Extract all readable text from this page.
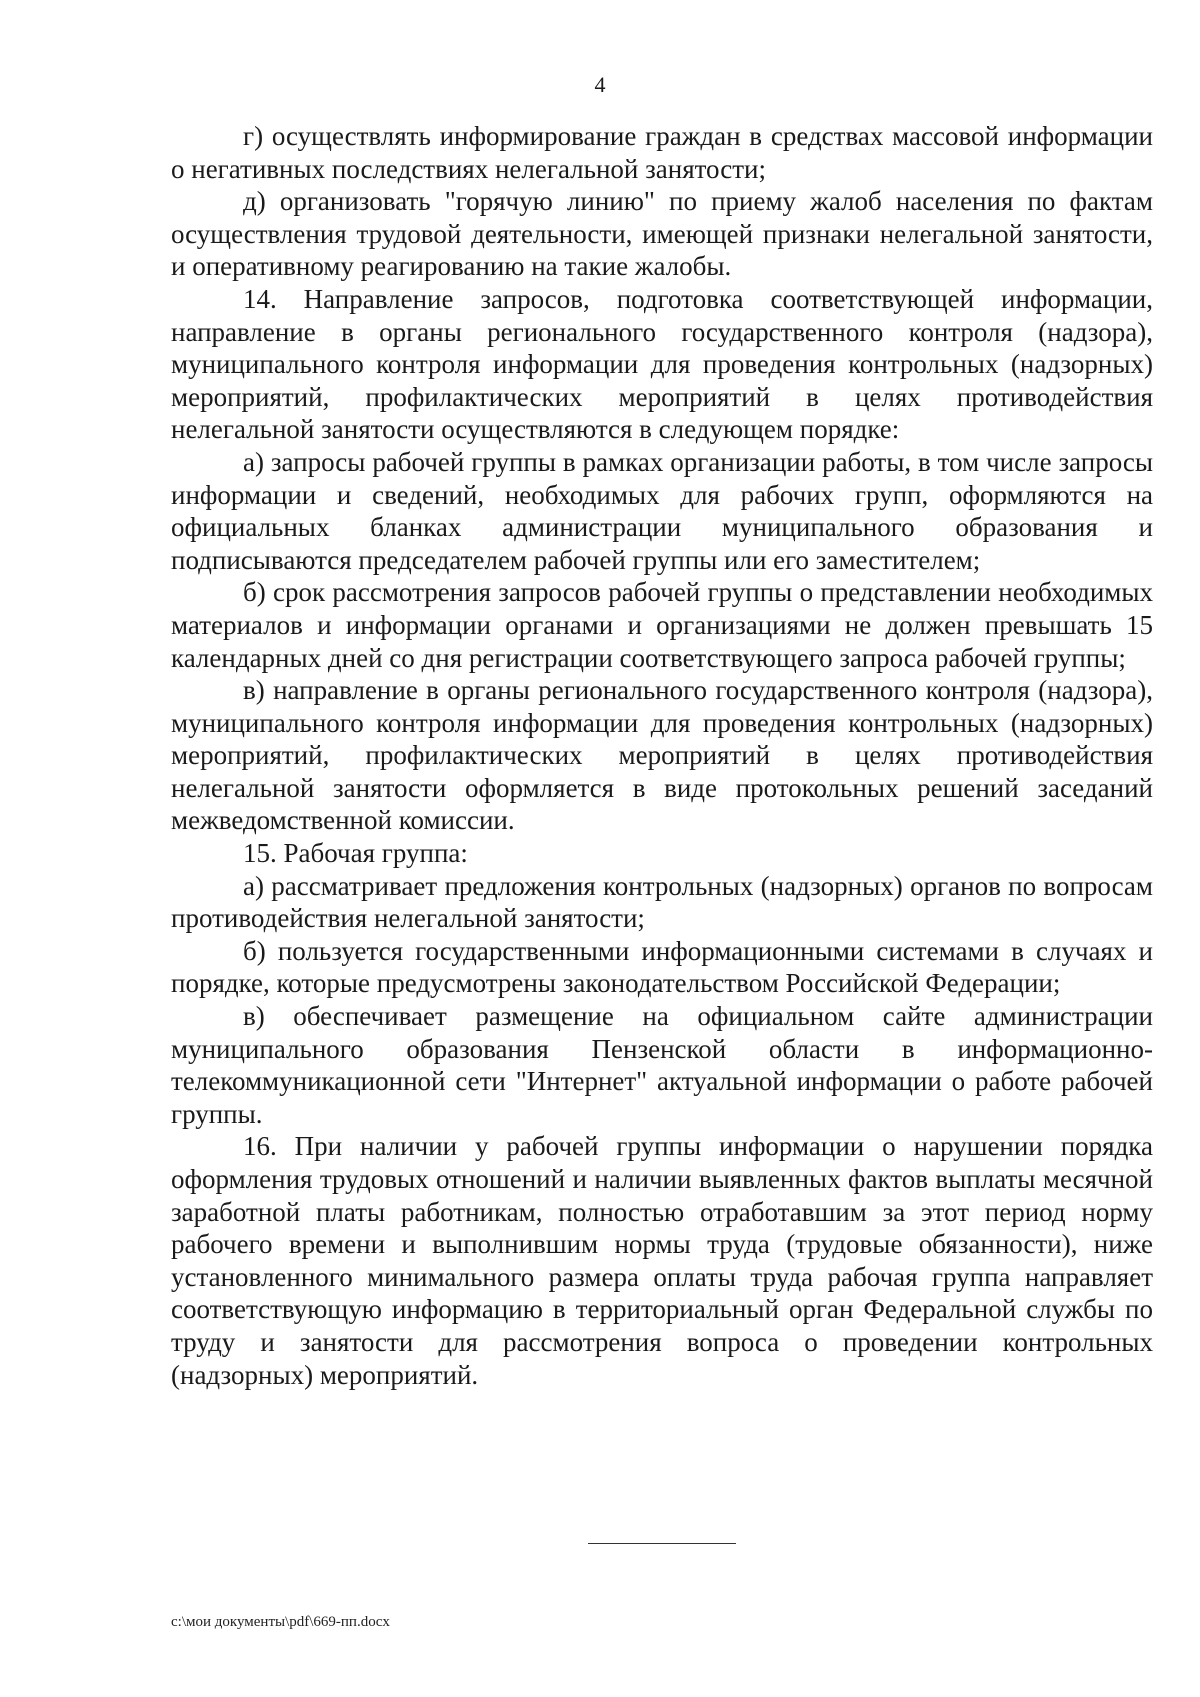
4

г) осуществлять информирование граждан в средствах массовой информации о негативных последствиях нелегальной занятости;

д) организовать "горячую линию" по приему жалоб населения по фактам осуществления трудовой деятельности, имеющей признаки нелегальной занятости, и оперативному реагированию на такие жалобы.

14. Направление запросов, подготовка соответствующей информации, направление в органы регионального государственного контроля (надзора), муниципального контроля информации для проведения контрольных (надзорных) мероприятий, профилактических мероприятий в целях противодействия нелегальной занятости осуществляются в следующем порядке:

а) запросы рабочей группы в рамках организации работы, в том числе запросы информации и сведений, необходимых для рабочих групп, оформляются на официальных бланках администрации муниципального образования и подписываются председателем рабочей группы или его заместителем;

б) срок рассмотрения запросов рабочей группы о представлении необходимых материалов и информации органами и организациями не должен превышать 15 календарных дней со дня регистрации соответствующего запроса рабочей группы;

в) направление в органы регионального государственного контроля (надзора), муниципального контроля информации для проведения контрольных (надзорных) мероприятий, профилактических мероприятий в целях противодействия нелегальной занятости оформляется в виде протокольных решений заседаний межведомственной комиссии.

15. Рабочая группа:

а) рассматривает предложения контрольных (надзорных) органов по вопросам противодействия нелегальной занятости;

б) пользуется государственными информационными системами в случаях и порядке, которые предусмотрены законодательством Российской Федерации;

в) обеспечивает размещение на официальном сайте администрации муниципального образования Пензенской области в информационно-телекоммуникационной сети "Интернет" актуальной информации о работе рабочей группы.

16. При наличии у рабочей группы информации о нарушении порядка оформления трудовых отношений и наличии выявленных фактов выплаты месячной заработной платы работникам, полностью отработавшим за этот период норму рабочего времени и выполнившим нормы труда (трудовые обязанности), ниже установленного минимального размера оплаты труда рабочая группа направляет соответствующую информацию в территориальный орган Федеральной службы по труду и занятости для рассмотрения вопроса о проведении контрольных (надзорных) мероприятий.

c:\мои документы\pdf\669-пп.docx
